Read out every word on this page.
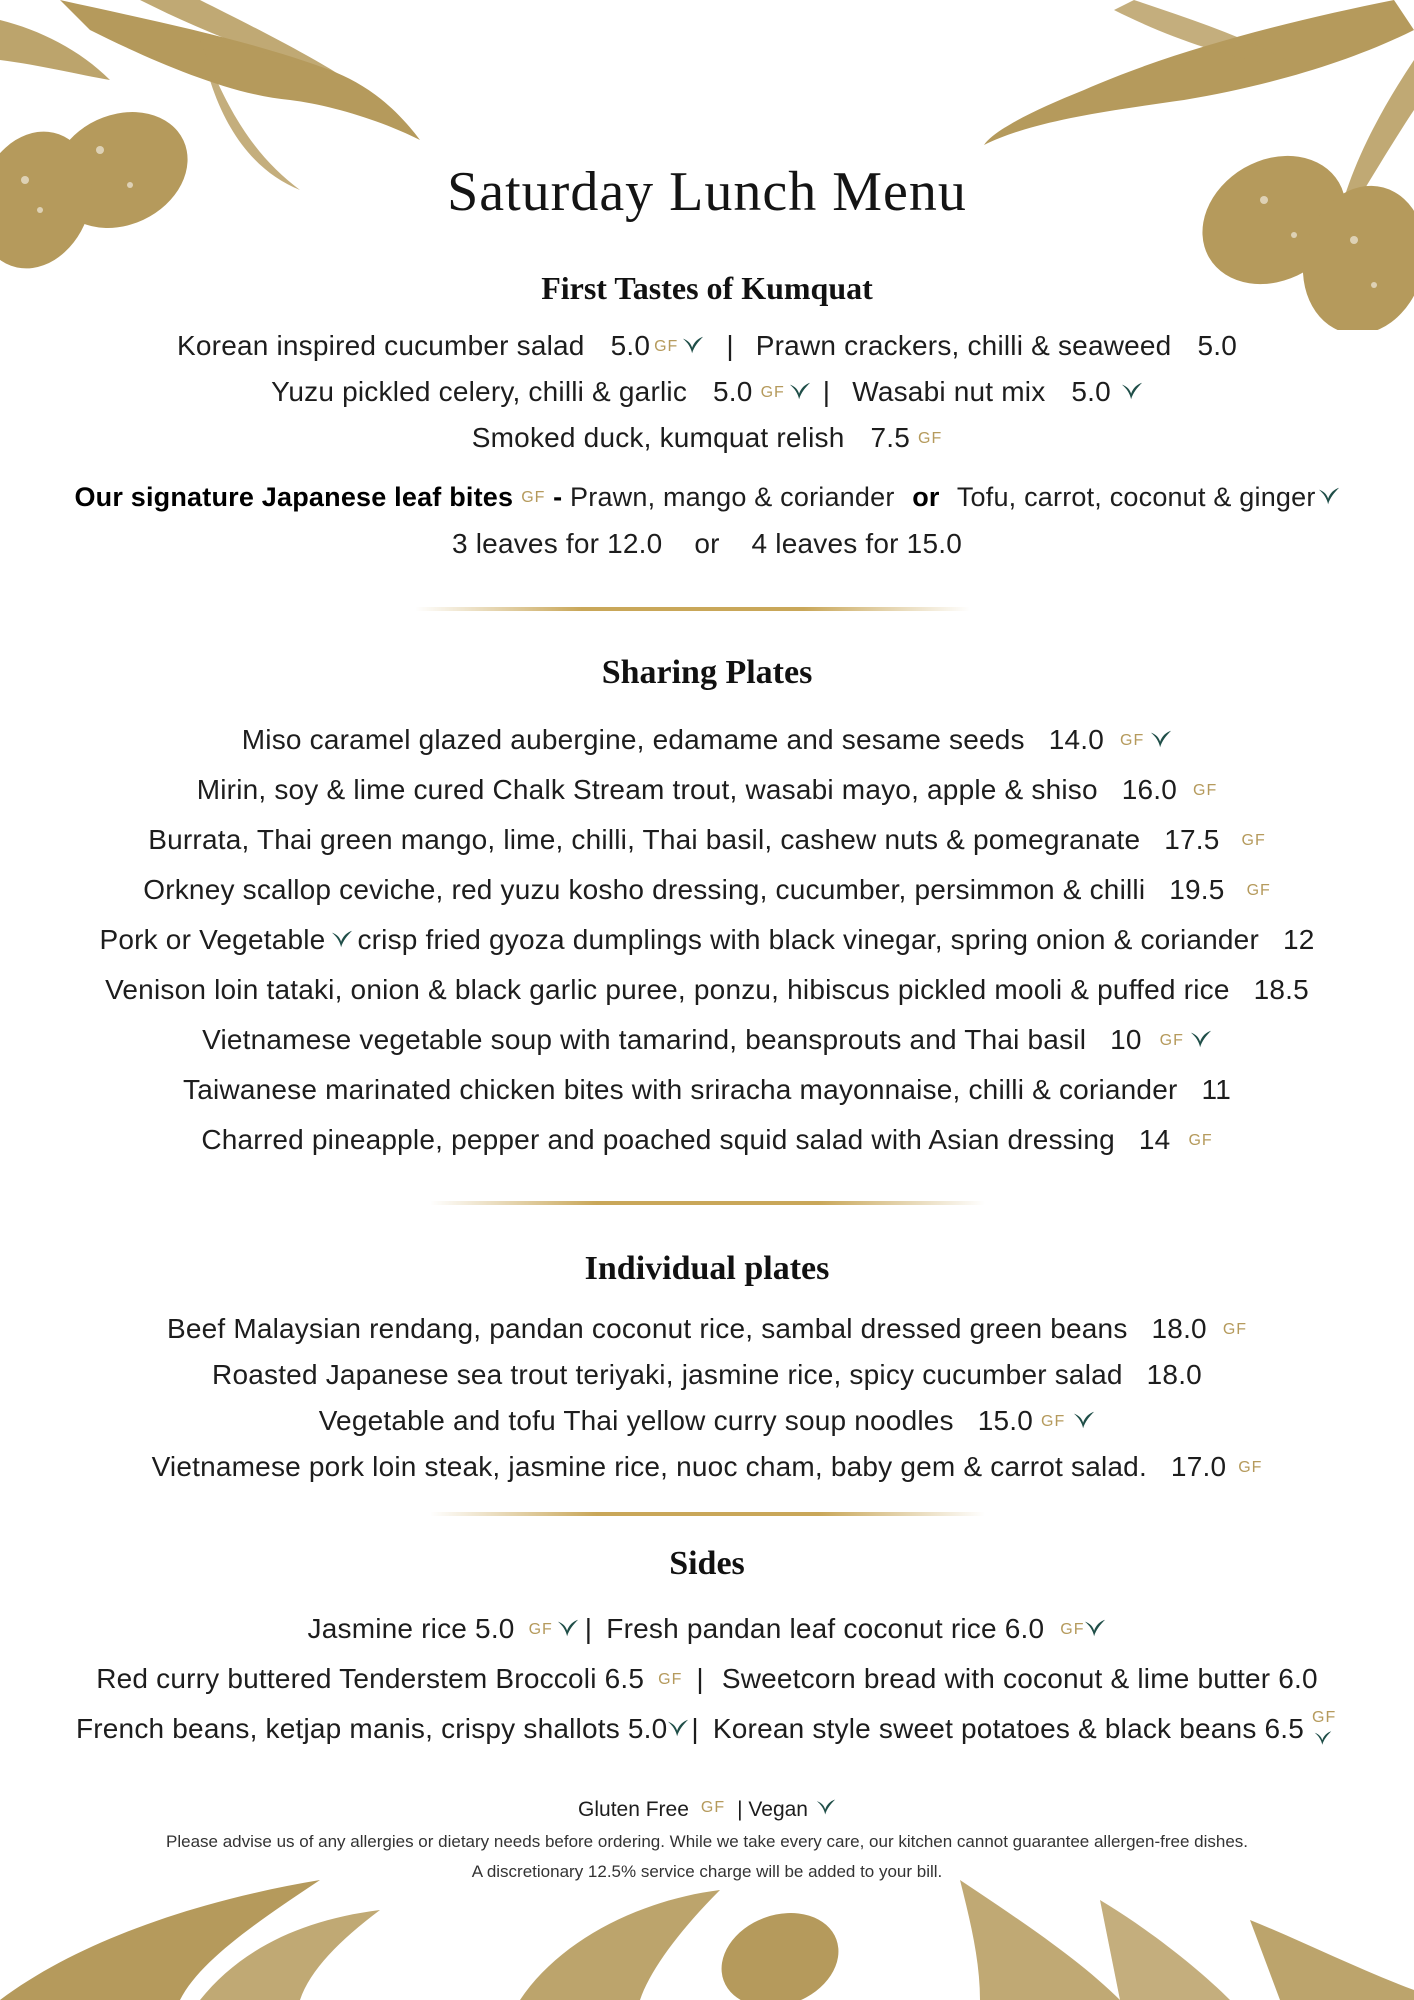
Saturday Lunch Menu
First Tastes of Kumquat
Korean inspired cucumber salad 5.0 GF | Prawn crackers, chilli & seaweed 5.0
Yuzu pickled celery, chilli & garlic 5.0 GF | Wasabi nut mix 5.0
Smoked duck, kumquat relish 7.5 GF
Our signature Japanese leaf bites GF - Prawn, mango & coriander or Tofu, carrot, coconut & ginger
3 leaves for 12.0    or    4 leaves for 15.0
Sharing Plates
Miso caramel glazed aubergine, edamame and sesame seeds 14.0 GF
Mirin, soy & lime cured Chalk Stream trout, wasabi mayo, apple & shiso 16.0 GF
Burrata, Thai green mango, lime, chilli, Thai basil, cashew nuts & pomegranate 17.5 GF
Orkney scallop ceviche, red yuzu kosho dressing, cucumber, persimmon & chilli 19.5 GF
Pork or Vegetable crisp fried gyoza dumplings with black vinegar, spring onion & coriander 12
Venison loin tataki, onion & black garlic puree, ponzu, hibiscus pickled mooli & puffed rice 18.5
Vietnamese vegetable soup with tamarind, beansprouts and Thai basil 10 GF
Taiwanese marinated chicken bites with sriracha mayonnaise, chilli & coriander 11
Charred pineapple, pepper and poached squid salad with Asian dressing 14 GF
Individual plates
Beef Malaysian rendang, pandan coconut rice, sambal dressed green beans 18.0 GF
Roasted Japanese sea trout teriyaki, jasmine rice, spicy cucumber salad 18.0
Vegetable and tofu Thai yellow curry soup noodles 15.0 GF
Vietnamese pork loin steak, jasmine rice, nuoc cham, baby gem & carrot salad. 17.0 GF
Sides
Jasmine rice 5.0 GF | Fresh pandan leaf coconut rice 6.0 GF
Red curry buttered Tenderstem Broccoli 6.5 GF | Sweetcorn bread with coconut & lime butter 6.0
French beans, ketjap manis, crispy shallots 5.0 | Korean style sweet potatoes & black beans 6.5 GF
Gluten Free GF | Vegan
Please advise us of any allergies or dietary needs before ordering. While we take every care, our kitchen cannot guarantee allergen-free dishes.
A discretionary 12.5% service charge will be added to your bill.
